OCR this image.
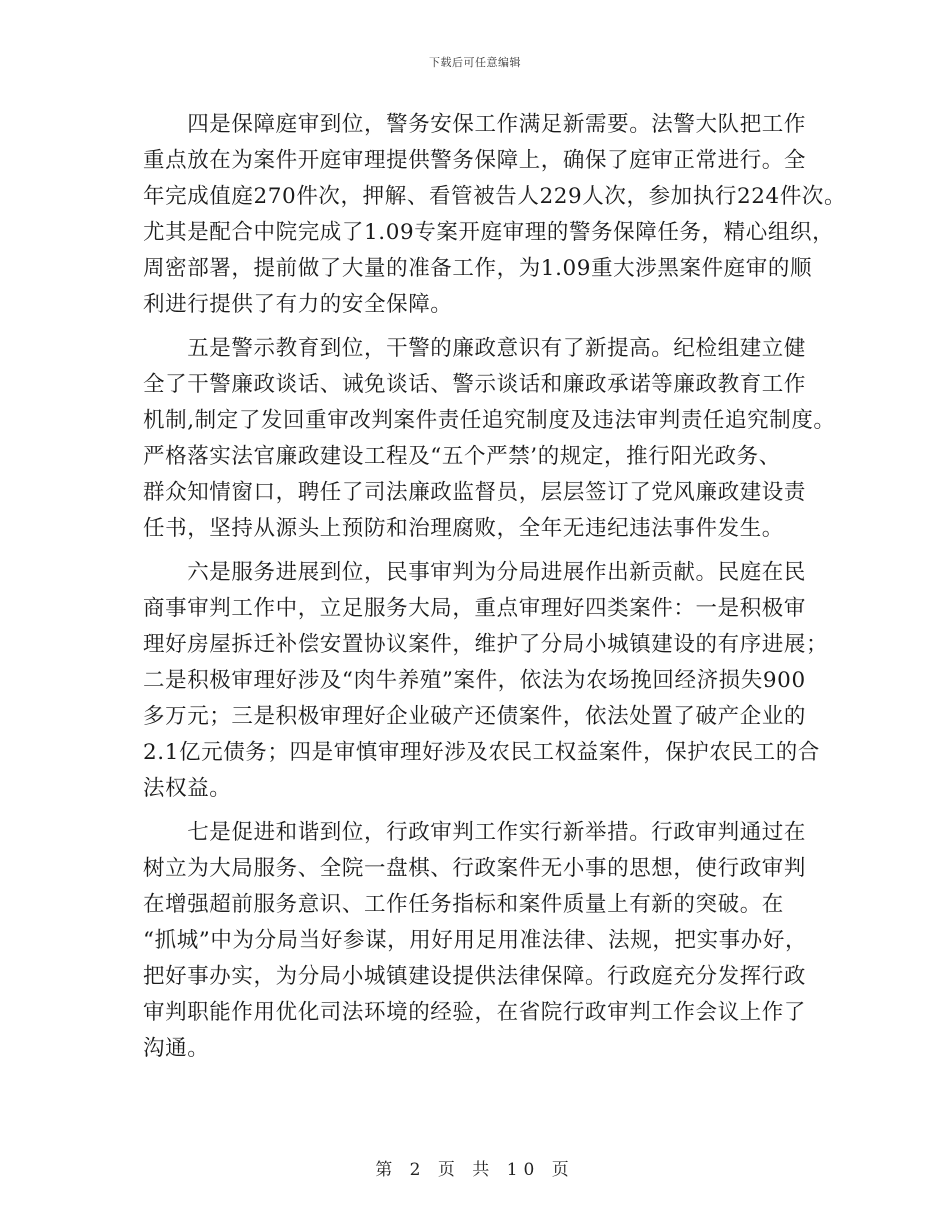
下载后可任意编辑
　　四是保障庭审到位，警务安保工作满足新需要。法警大队把工作
重点放在为案件开庭审理提供警务保障上，确保了庭审正常进行。全
年完成值庭270件次，押解、看管被告人229人次，参加执行224件次。
尤其是配合中院完成了1.09专案开庭审理的警务保障任务，精心组织，
周密部署，提前做了大量的准备工作，为1.09重大涉黑案件庭审的顺
利进行提供了有力的安全保障。
　　五是警示教育到位，干警的廉政意识有了新提高。纪检组建立健
全了干警廉政谈话、诫免谈话、警示谈话和廉政承诺等廉政教育工作
机制,制定了发回重审改判案件责任追究制度及违法审判责任追究制度。
严格落实法官廉政建设工程及“五个严禁’的规定，推行阳光政务、
群众知情窗口，聘任了司法廉政监督员，层层签订了党风廉政建设责
任书，坚持从源头上预防和治理腐败，全年无违纪违法事件发生。
　　六是服务进展到位，民事审判为分局进展作出新贡献。民庭在民
商事审判工作中，立足服务大局，重点审理好四类案件：一是积极审
理好房屋拆迁补偿安置协议案件，维护了分局小城镇建设的有序进展；
二是积极审理好涉及“肉牛养殖”案件，依法为农场挽回经济损失900
多万元；三是积极审理好企业破产还债案件，依法处置了破产企业的
2.1亿元债务；四是审慎审理好涉及农民工权益案件，保护农民工的合
法权益。
　　七是促进和谐到位，行政审判工作实行新举措。行政审判通过在
树立为大局服务、全院一盘棋、行政案件无小事的思想，使行政审判
在增强超前服务意识、工作任务指标和案件质量上有新的突破。在
“抓城”中为分局当好参谋，用好用足用准法律、法规，把实事办好，
把好事办实，为分局小城镇建设提供法律保障。行政庭充分发挥行政
审判职能作用优化司法环境的经验，在省院行政审判工作会议上作了
沟通。
第 2 页 共 10 页
